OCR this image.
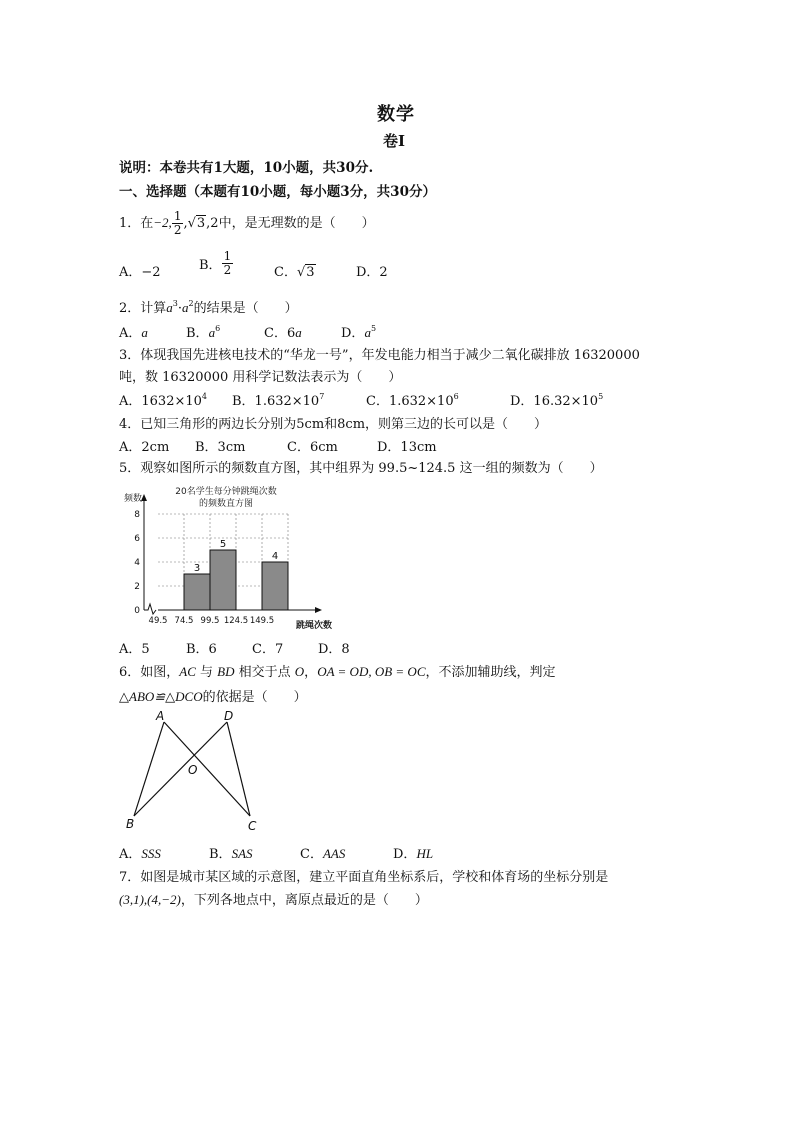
数学
卷Ⅰ
说明：本卷共有1大题，10小题，共30分.
一、选择题（本题有10小题，每小题3分，共30分）
1．在−2, $\frac{1}{2} ,√3,2$中，是无理数的是（　　）
A．−2	B． $\frac{1}{2}$	C．√3	D．2
2．计算$a^3\cdot a^2$的结果是（　　）
A．a	B．$a^6$	C．6a	D．$a^5$
3．体现我国先进核电技术的“华龙一号”，年发电能力相当于减少二氧化碳排放 16320000
吨，数 16320000 用科学记数法表示为（　　）
A．$1632\times 10^4$ B．$1.632\times 10^7$	C．$1.632\times 10^6$	D．$16.32\times 10^5$
4．已知三角形的两边长分别为5cm和8cm，则第三边的长可以是（　　）
A．2cm B．3cm	C．6cm	D．13cm
5．观察如图所示的频数直方图，其中组界为 99.5~124.5 这一组的频数为（　　）
20名学生每分钟跳绳次数
的频数直方图
频数
跳绳次数
3
5
4
0
2
4
6
8
49.5 74.5 99.5 124.5 149.5
A．5	B．6	C．7	D．8
6．如图，AC 与 BD 相交于点 O，OA = OD, OB = OC，不添加辅助线，判定
△ABO≌△DCO的依据是（　　）
A	D
O
B	C
A．SSS	B．SAS	C．AAS	D．HL
7．如图是城市某区域的示意图，建立平面直角坐标系后，学校和体育场的坐标分别是
(3,1),(4,−2)，下列各地点中，离原点最近的是（　　）
